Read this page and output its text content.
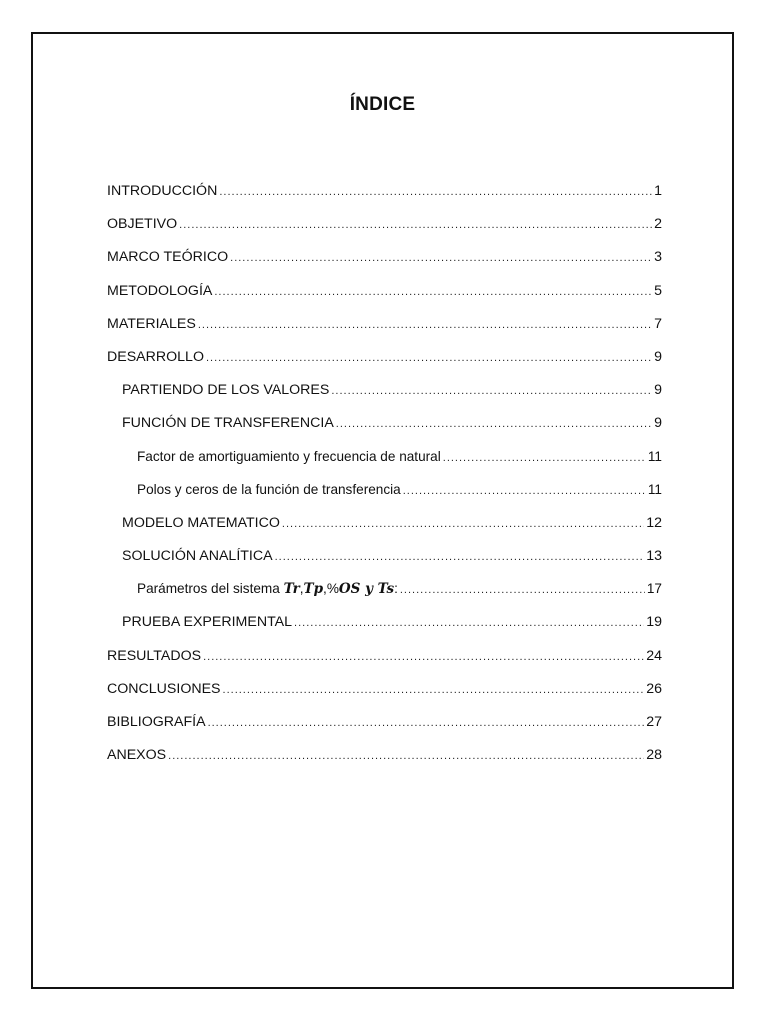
ÍNDICE
INTRODUCCIÓN .....	1
OBJETIVO .....	2
MARCO TEÓRICO .....	3
METODOLOGÍA .....	5
MATERIALES .....	7
DESARROLLO .....	9
PARTIENDO DE LOS VALORES .....	9
FUNCIÓN DE TRANSFERENCIA .....	9
Factor de amortiguamiento y frecuencia de natural .....	11
Polos y ceros de la función de transferencia .....	11
MODELO MATEMATICO .....	12
SOLUCIÓN ANALÍTICA .....	13
Parámetros del sistema Tr,Tp,%OS y Ts: .....	17
PRUEBA EXPERIMENTAL .....	19
RESULTADOS .....	24
CONCLUSIONES .....	26
BIBLIOGRAFÍA .....	27
ANEXOS .....	28
